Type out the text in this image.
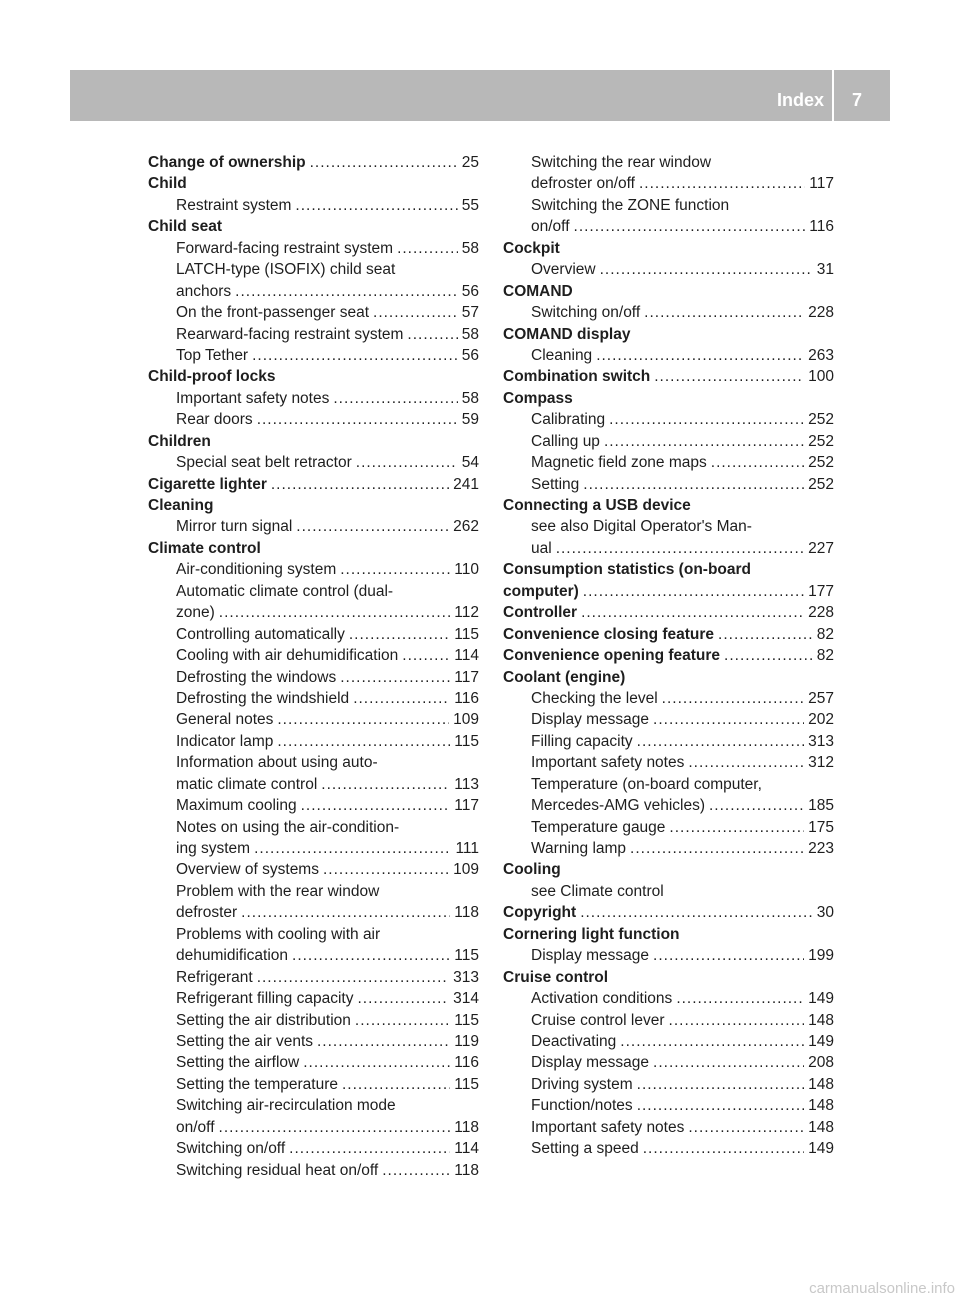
Index 7
Change of ownership .....	25
Child
Restraint system .....	55
Child seat
Forward-facing restraint system .....	58
LATCH-type (ISOFIX) child seat
anchors .....	56
On the front-passenger seat .....	57
Rearward-facing restraint system .....	58
Top Tether .....	56
Child-proof locks
Important safety notes .....	58
Rear doors .....	59
Children
Special seat belt retractor .....	54
Cigarette lighter .....	241
Cleaning
Mirror turn signal .....	262
Climate control
Air-conditioning system .....	110
Automatic climate control (dual-
zone) .....	112
Controlling automatically .....	115
Cooling with air dehumidification .....	114
Defrosting the windows .....	117
Defrosting the windshield .....	116
General notes .....	109
Indicator lamp .....	115
Information about using auto-
matic climate control .....	113
Maximum cooling .....	117
Notes on using the air-condition-
ing system .....	111
Overview of systems .....	109
Problem with the rear window
defroster .....	118
Problems with cooling with air
dehumidification .....	115
Refrigerant .....	313
Refrigerant filling capacity .....	314
Setting the air distribution .....	115
Setting the air vents .....	119
Setting the airflow .....	116
Setting the temperature .....	115
Switching air-recirculation mode
on/off .....	118
Switching on/off .....	114
Switching residual heat on/off .....	118
Switching the rear window
defroster on/off .....	117
Switching the ZONE function
on/off .....	116
Cockpit
Overview .....	31
COMAND
Switching on/off .....	228
COMAND display
Cleaning .....	263
Combination switch .....	100
Compass
Calibrating .....	252
Calling up .....	252
Magnetic field zone maps .....	252
Setting .....	252
Connecting a USB device
see also Digital Operator's Man-
ual .....	227
Consumption statistics (on-board
computer) .....	177
Controller .....	228
Convenience closing feature .....	82
Convenience opening feature .....	82
Coolant (engine)
Checking the level .....	257
Display message .....	202
Filling capacity .....	313
Important safety notes .....	312
Temperature (on-board computer,
Mercedes-AMG vehicles) .....	185
Temperature gauge .....	175
Warning lamp .....	223
Cooling
see Climate control
Copyright .....	30
Cornering light function
Display message .....	199
Cruise control
Activation conditions .....	149
Cruise control lever .....	148
Deactivating .....	149
Display message .....	208
Driving system .....	148
Function/notes .....	148
Important safety notes .....	148
Setting a speed .....	149
carmanualsonline.info
